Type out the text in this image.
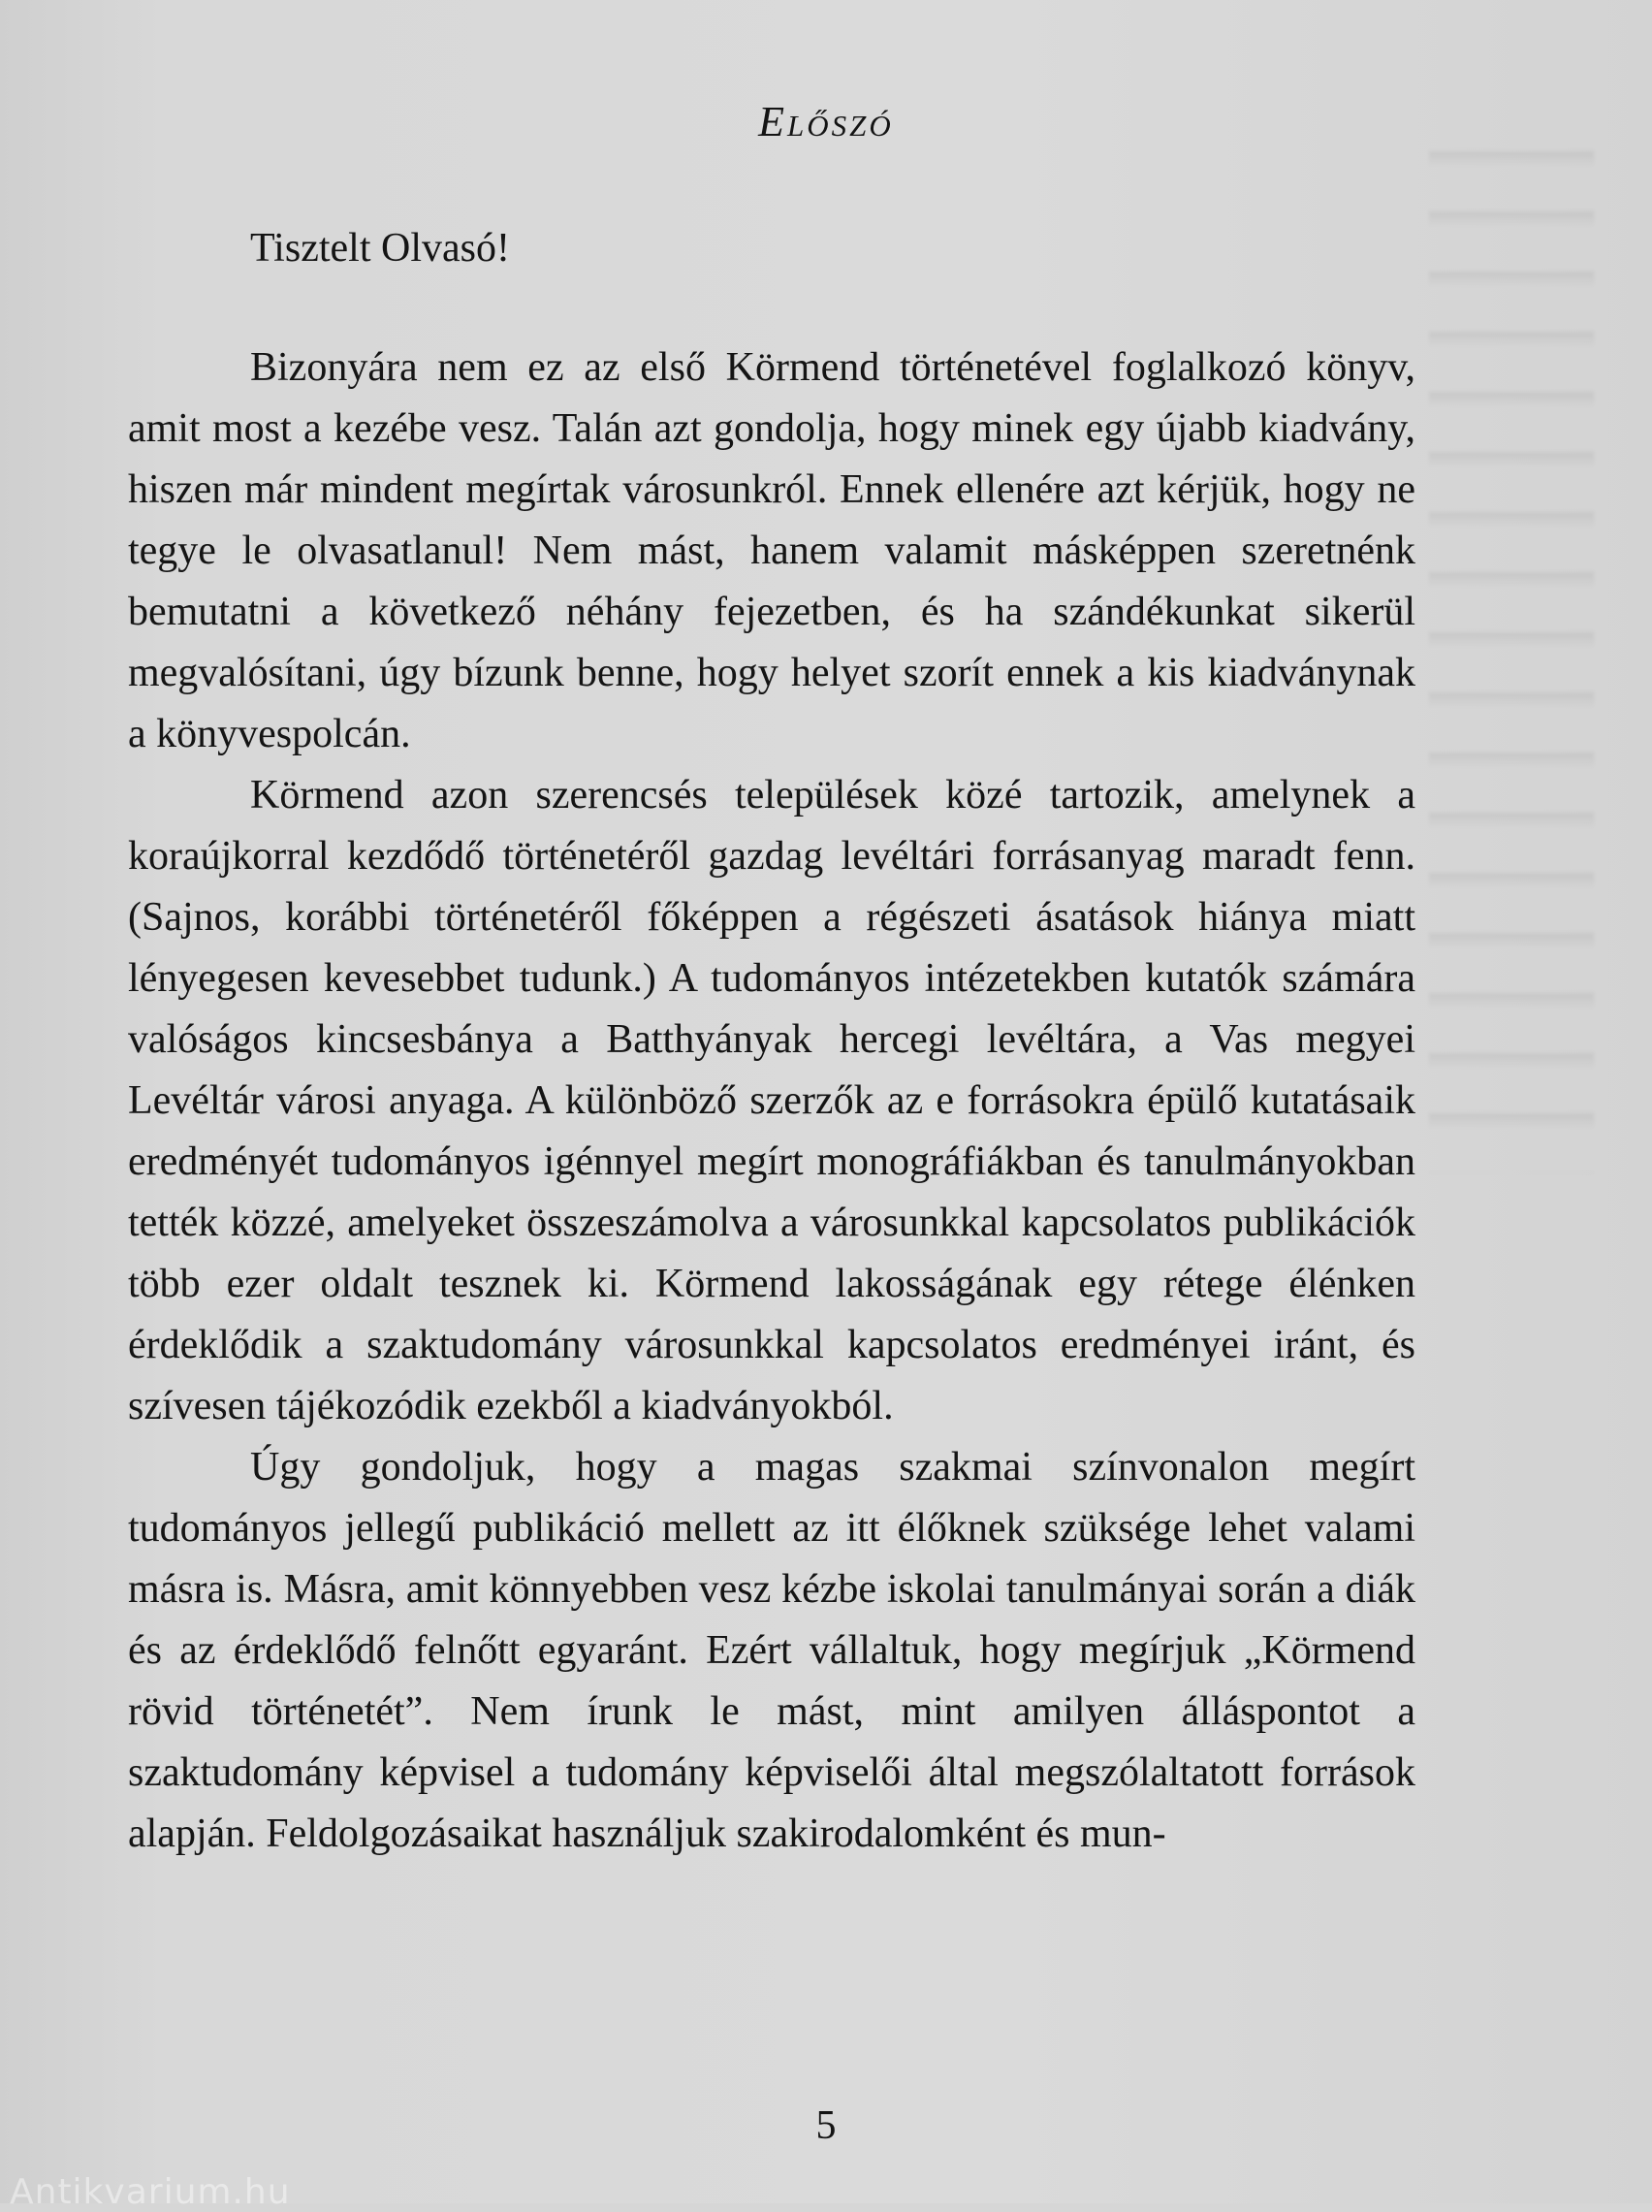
Előszó
Tisztelt Olvasó!

Bizonyára nem ez az első Körmend történetével foglalkozó könyv, amit most a kezébe vesz. Talán azt gondolja, hogy minek egy újabb kiadvány, hiszen már mindent megírtak városunkról. Ennek ellenére azt kérjük, hogy ne tegye le olvasatlanul! Nem mást, hanem valamit másképpen szeretnénk bemutatni a következő néhány fejezetben, és ha szándékunkat sikerül megvalósítani, úgy bízunk benne, hogy helyet szorít ennek a kis kiadványnak a könyvespolcán.

Körmend azon szerencsés települések közé tartozik, amelynek a koraújkorral kezdődő történetéről gazdag levéltári forrásanyag maradt fenn. (Sajnos, korábbi történetéről főképpen a régészeti ásatások hiánya miatt lényegesen kevesebbet tudunk.) A tudományos intézetekben kutatók számára valóságos kincsesbánya a Batthyányak hercegi levéltára, a Vas megyei Levéltár városi anyaga. A különböző szerzők az e forrásokra épülő kutatásaik eredményét tudományos igénnyel megírt monográfiákban és tanulmányokban tették közzé, amelyeket összeszámolva a városunkkal kapcsolatos publikációk több ezer oldalt tesznek ki. Körmend lakosságának egy rétege élénken érdeklődik a szaktudomány városunkkal kapcsolatos eredményei iránt, és szívesen tájékozódik ezekből a kiadványokból.

Úgy gondoljuk, hogy a magas szakmai színvonalon megírt tudományos jellegű publikáció mellett az itt élőknek szüksége lehet valami másra is. Másra, amit könnyebben vesz kézbe iskolai tanulmányai során a diák és az érdeklődő felnőtt egyaránt. Ezért vállaltuk, hogy megírjuk „Körmend rövid történetét”. Nem írunk le mást, mint amilyen álláspontot a szaktudomány képvisel a tudomány képviselői által megszólaltatott források alapján. Feldolgozásaikat használjuk szakirodalomként és mun-

5
Antikvarium.hu
